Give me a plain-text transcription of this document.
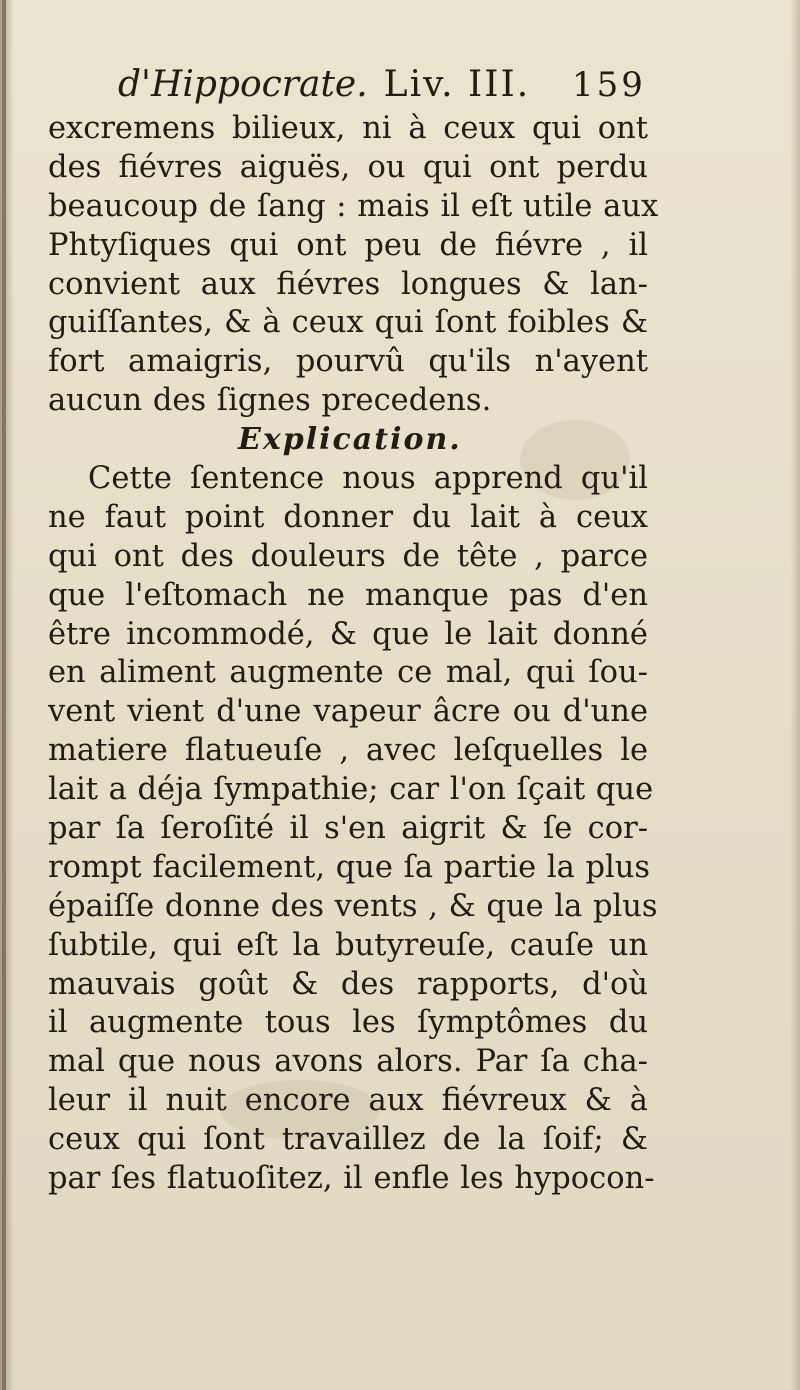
d'Hippocrate. Liv. III.	159
excremens bilieux, ni à ceux qui ont
des fiévres aiguës, ou qui ont perdu
beaucoup de ſang : mais il eſt utile aux
Phtyſiques qui ont peu de fiévre , il
convient aux fiévres longues & lan-
guiſſantes, & à ceux qui ſont foibles &
fort amaigris, pourvû qu'ils n'ayent
aucun des ſignes precedens.
Explication.
Cette ſentence nous apprend qu'il
ne faut point donner du lait à ceux
qui ont des douleurs de tête , parce
que l'eſtomach ne manque pas d'en
être incommodé, & que le lait donné
en aliment augmente ce mal, qui ſou-
vent vient d'une vapeur âcre ou d'une
matiere flatueuſe , avec leſquelles le
lait a déja ſympathie; car l'on ſçait que
par ſa ſeroſité il s'en aigrit & ſe cor-
rompt facilement, que ſa partie la plus
épaiſſe donne des vents , & que la plus
ſubtile, qui eſt la butyreuſe, cauſe un
mauvais goût & des rapports, d'où
il augmente tous les ſymptômes du
mal que nous avons alors. Par ſa cha-
leur il nuit encore aux fiévreux & à
ceux qui ſont travaillez de la ſoif; &
par ſes flatuoſitez, il enfle les hypocon-
